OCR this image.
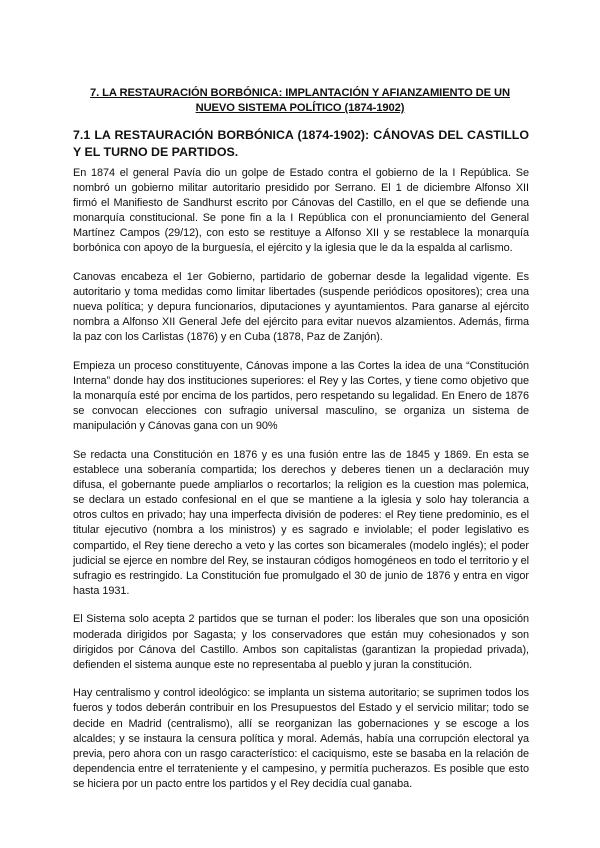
7. LA RESTAURACIÓN BORBÓNICA: IMPLANTACIÓN Y AFIANZAMIENTO DE UN
NUEVO SISTEMA POLÍTICO (1874-1902)
7.1 LA RESTAURACIÓN BORBÓNICA (1874-1902): CÁNOVAS DEL CASTILLO Y EL TURNO DE PARTIDOS.

En 1874 el general Pavía dio un golpe de Estado contra el gobierno de la I República. Se nombró un gobierno militar autoritario presidido por Serrano. El 1 de diciembre Alfonso XII firmó el Manifiesto de Sandhurst escrito por Cánovas del Castillo, en el que se defiende una monarquía constitucional. Se pone fin a la I República con el pronunciamiento del General Martínez Campos (29/12), con esto se restituye a Alfonso XII y se restablece la monarquía borbónica con apoyo de la burguesía, el ejército y la iglesia que le da la espalda al carlismo.

Canovas encabeza el 1er Gobierno, partidario de gobernar desde la legalidad vigente. Es autoritario y toma medidas como limitar libertades (suspende periódicos opositores); crea una nueva política; y depura funcionarios, diputaciones y ayuntamientos. Para ganarse al ejército nombra a Alfonso XII General Jefe del ejército para evitar nuevos alzamientos. Además, firma la paz con los Carlistas (1876) y en Cuba (1878, Paz de Zanjón).

Empieza un proceso constituyente, Cánovas impone a las Cortes la idea de una “Constitución Interna” donde hay dos instituciones superiores: el Rey y las Cortes, y tiene como objetivo que la monarquía esté por encima de los partidos, pero respetando su legalidad. En Enero de 1876 se convocan elecciones con sufragio universal masculino, se organiza un sistema de manipulación y Cánovas gana con un 90%

Se redacta una Constitución en 1876 y es una fusión entre las de 1845 y 1869. En esta se establece una soberanía compartida; los derechos y deberes tienen un a declaración muy difusa, el gobernante puede ampliarlos o recortarlos; la religion es la cuestion mas polemica, se declara un estado confesional en el que se mantiene a la iglesia y solo hay tolerancia a otros cultos en privado; hay una imperfecta división de poderes: el Rey tiene predominio, es el titular ejecutivo (nombra a los ministros) y es sagrado e inviolable; el poder legislativo es compartido, el Rey tiene derecho a veto y las cortes son bicamerales (modelo inglés); el poder judicial se ejerce en nombre del Rey, se instauran códigos homogéneos en todo el territorio y el sufragio es restringido. La Constitución fue promulgado el 30 de junio de 1876 y entra en vigor hasta 1931.

El Sistema solo acepta 2 partidos que se turnan el poder: los liberales que son una oposición moderada dirigidos por Sagasta; y los conservadores que están muy cohesionados y son dirigidos por Cánova del Castillo. Ambos son capitalistas (garantizan la propiedad privada), defienden el sistema aunque este no representaba al pueblo y juran la constitución.

Hay centralismo y control ideológico: se implanta un sistema autoritario; se suprimen todos los fueros y todos deberán contribuir en los Presupuestos del Estado y el servicio militar; todo se decide en Madrid (centralismo), allí se reorganizan las gobernaciones y se escoge a los alcaldes; y se instaura la censura política y moral. Además, había una corrupción electoral ya previa, pero ahora con un rasgo característico: el caciquismo, este se basaba en la relación de dependencia entre el terrateniente y el campesino, y permitía pucherazos. Es posible que esto se hiciera por un pacto entre los partidos y el Rey decidía cual ganaba.
